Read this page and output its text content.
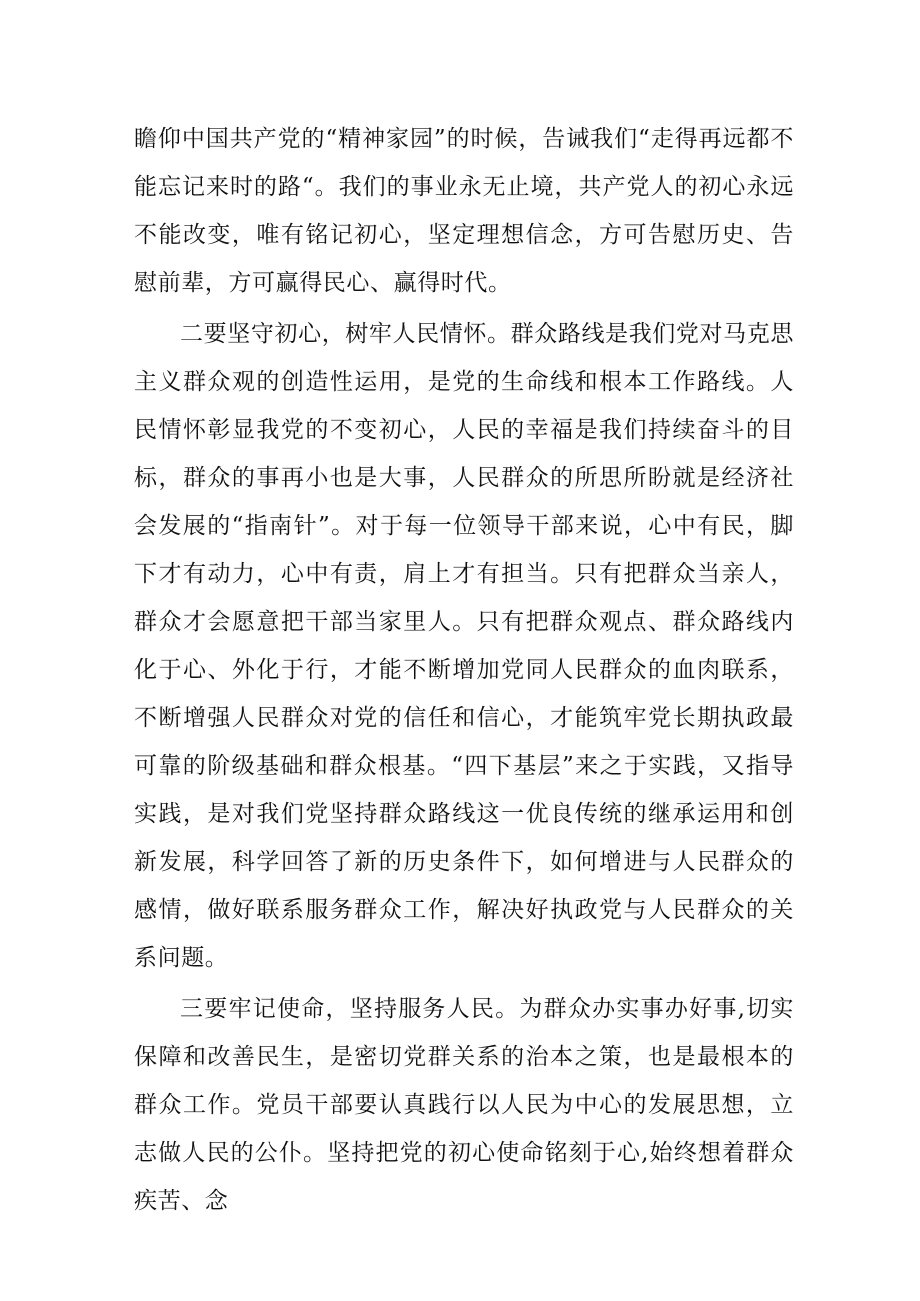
瞻仰中国共产党的“精神家园”的时候，告诫我们“走得再远都不能忘记来时的路“。我们的事业永无止境，共产党人的初心永远不能改变，唯有铭记初心，坚定理想信念，方可告慰历史、告慰前辈，方可赢得民心、赢得时代。

二要坚守初心，树牢人民情怀。群众路线是我们党对马克思主义群众观的创造性运用，是党的生命线和根本工作路线。人民情怀彰显我党的不变初心，人民的幸福是我们持续奋斗的目标，群众的事再小也是大事，人民群众的所思所盼就是经济社会发展的“指南针”。对于每一位领导干部来说，心中有民，脚下才有动力，心中有责，肩上才有担当。只有把群众当亲人，群众才会愿意把干部当家里人。只有把群众观点、群众路线内化于心、外化于行，才能不断增加党同人民群众的血肉联系，不断增强人民群众对党的信任和信心，才能筑牢党长期执政最可靠的阶级基础和群众根基。“四下基层”来之于实践，又指导实践，是对我们党坚持群众路线这一优良传统的继承运用和创新发展，科学回答了新的历史条件下，如何增进与人民群众的感情，做好联系服务群众工作，解决好执政党与人民群众的关系问题。

三要牢记使命，坚持服务人民。为群众办实事办好事,切实保障和改善民生，是密切党群关系的治本之策，也是最根本的群众工作。党员干部要认真践行以人民为中心的发展思想，立志做人民的公仆。坚持把党的初心使命铭刻于心,始终想着群众疾苦、念
